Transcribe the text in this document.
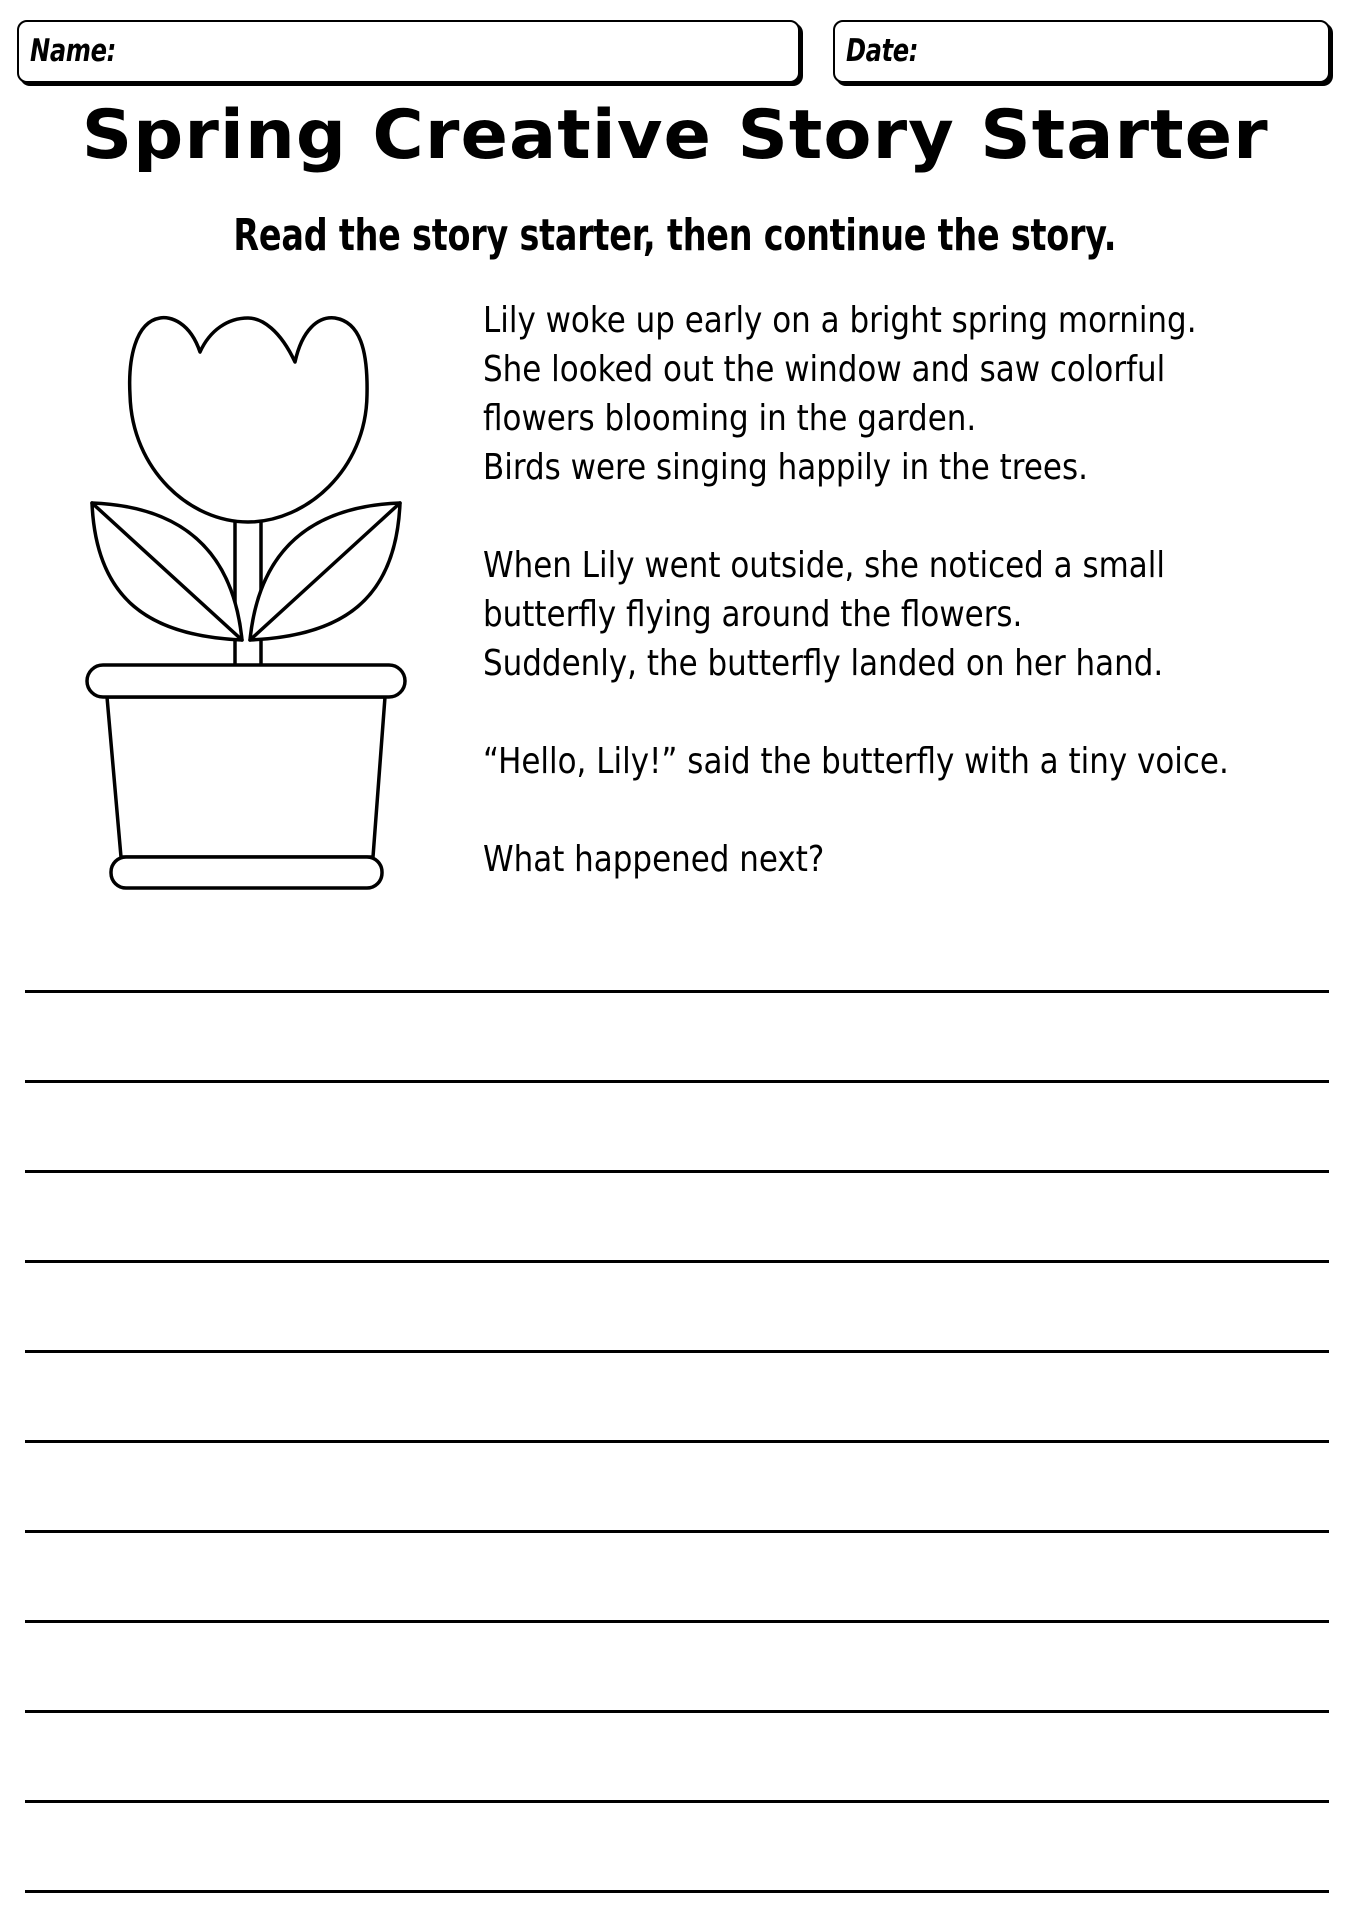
Name:	Date:
Spring Creative Story Starter
Read the story starter, then continue the story.
Lily woke up early on a bright spring morning.
She looked out the window and saw colorful
flowers blooming in the garden.
Birds were singing happily in the trees.
When Lily went outside, she noticed a small
butterfly flying around the flowers.
Suddenly, the butterfly landed on her hand.
“Hello, Lily!” said the butterfly with a tiny voice.
What happened next?
